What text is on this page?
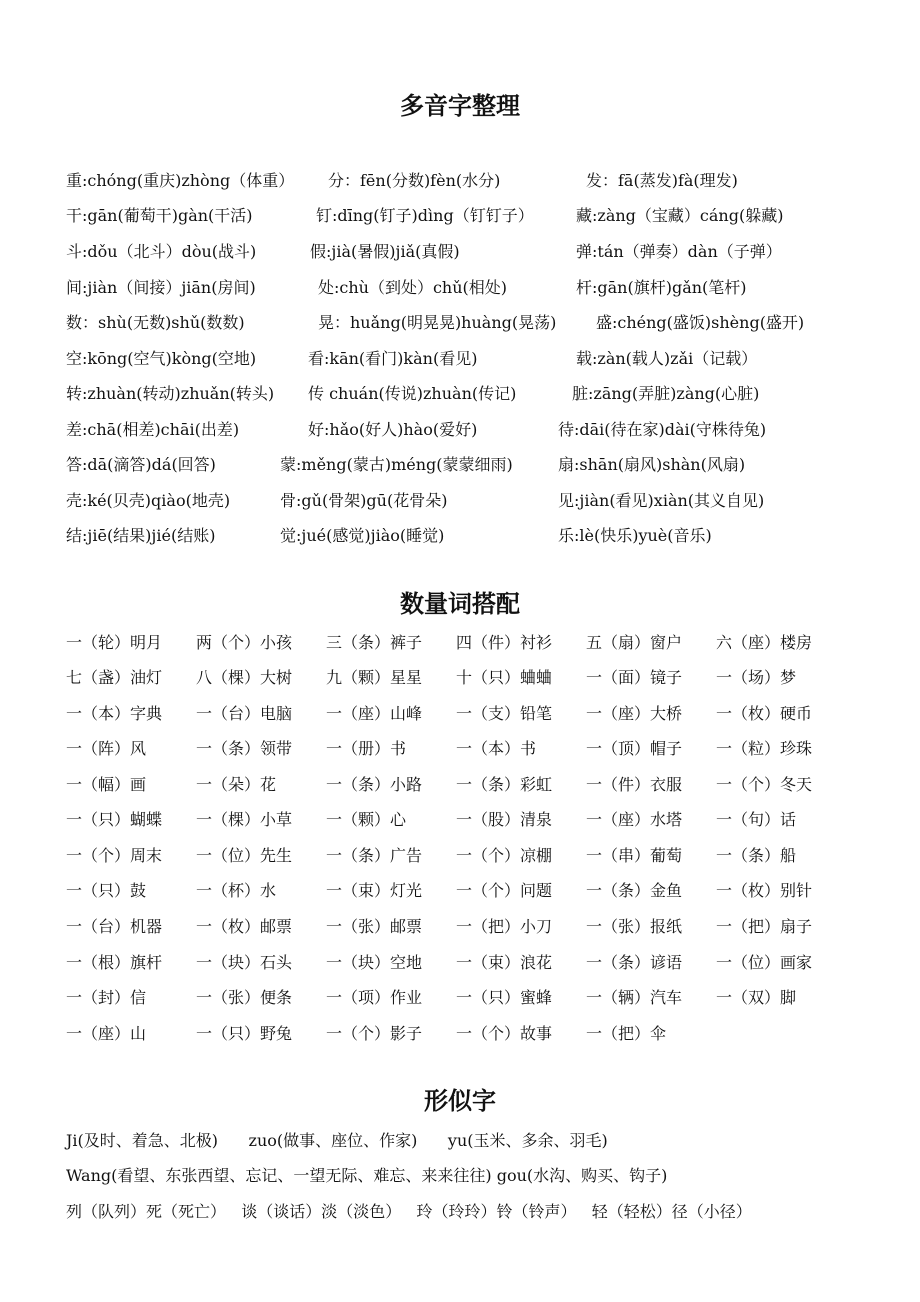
多音字整理
重:chóng(重庆)zhòng（体重） 分：fēn(分数)fèn(水分)	发：fā(蒸发)fà(理发)
干:gān(葡萄干)gàn(干活)	钉:dīng(钉子)dìng（钉钉子）	藏:zàng（宝藏）cáng(躲藏)
斗:dǒu（北斗）dòu(战斗)	假:jià(暑假)jiǎ(真假)	弹:tán（弹奏）dàn（子弹）
间:jiàn（间接）jiān(房间)	处:chù（到处）chǔ(相处)	杆:gān(旗杆)gǎn(笔杆)
数：shù(无数)shǔ(数数)	晃：huǎng(明晃晃)huàng(晃荡) 盛:chéng(盛饭)shèng(盛开)
空:kōng(空气)kòng(空地)	看:kān(看门)kàn(看见)	载:zàn(载人)zǎi（记载）
转:zhuàn(转动)zhuǎn(转头) 传 chuán(传说)zhuàn(传记)	脏:zāng(弄脏)zàng(心脏)
差:chā(相差)chāi(出差)	好:hǎo(好人)hào(爱好)	待:dāi(待在家)dài(守株待兔)
答:dā(滴答)dá(回答)	蒙:měng(蒙古)méng(蒙蒙细雨)	扇:shān(扇风)shàn(风扇)
壳:ké(贝壳)qiào(地壳)	骨:gǔ(骨架)gū(花骨朵)	见:jiàn(看见)xiàn(其义自见)
结:jiē(结果)jié(结账)	觉:jué(感觉)jiào(睡觉)	乐:lè(快乐)yuè(音乐)
数量词搭配
一（轮）明月 两（个）小孩 三（条）裤子 四（件）衬衫 五（扇）窗户 六（座）楼房
七（盏）油灯 八（棵）大树 九（颗）星星 十（只）蛐蛐 一（面）镜子 一（场）梦
一（本）字典 一（台）电脑 一（座）山峰 一（支）铅笔 一（座）大桥 一（枚）硬币
一（阵）风	一（条）领带 一（册）书	一（本）书	一（顶）帽子 一（粒）珍珠
一（幅）画	一（朵）花	一（条）小路 一（条）彩虹 一（件）衣服 一（个）冬天
一（只）蝴蝶 一（棵）小草 一（颗）心	一（股）清泉 一（座）水塔 一（句）话
一（个）周末 一（位）先生 一（条）广告 一（个）凉棚 一（串）葡萄 一（条）船
一（只）鼓	一（杯）水	一（束）灯光 一（个）问题 一（条）金鱼 一（枚）别针
一（台）机器 一（枚）邮票 一（张）邮票 一（把）小刀 一（张）报纸 一（把）扇子
一（根）旗杆 一（块）石头 一（块）空地 一（束）浪花 一（条）谚语 一（位）画家
一（封）信	一（张）便条 一（项）作业 一（只）蜜蜂 一（辆）汽车 一（双）脚
一（座）山	一（只）野兔 一（个）影子 一（个）故事 一（把）伞
形似字
Ji(及时、着急、北极)      zuo(做事、座位、作家)      yu(玉米、多余、羽毛)
Wang(看望、东张西望、忘记、一望无际、难忘、来来往往) gou(水沟、购买、钩子)
列（队列）死（死亡）   谈（谈话）淡（淡色）   玲（玲玲）铃（铃声）   轻（轻松）径（小径）
